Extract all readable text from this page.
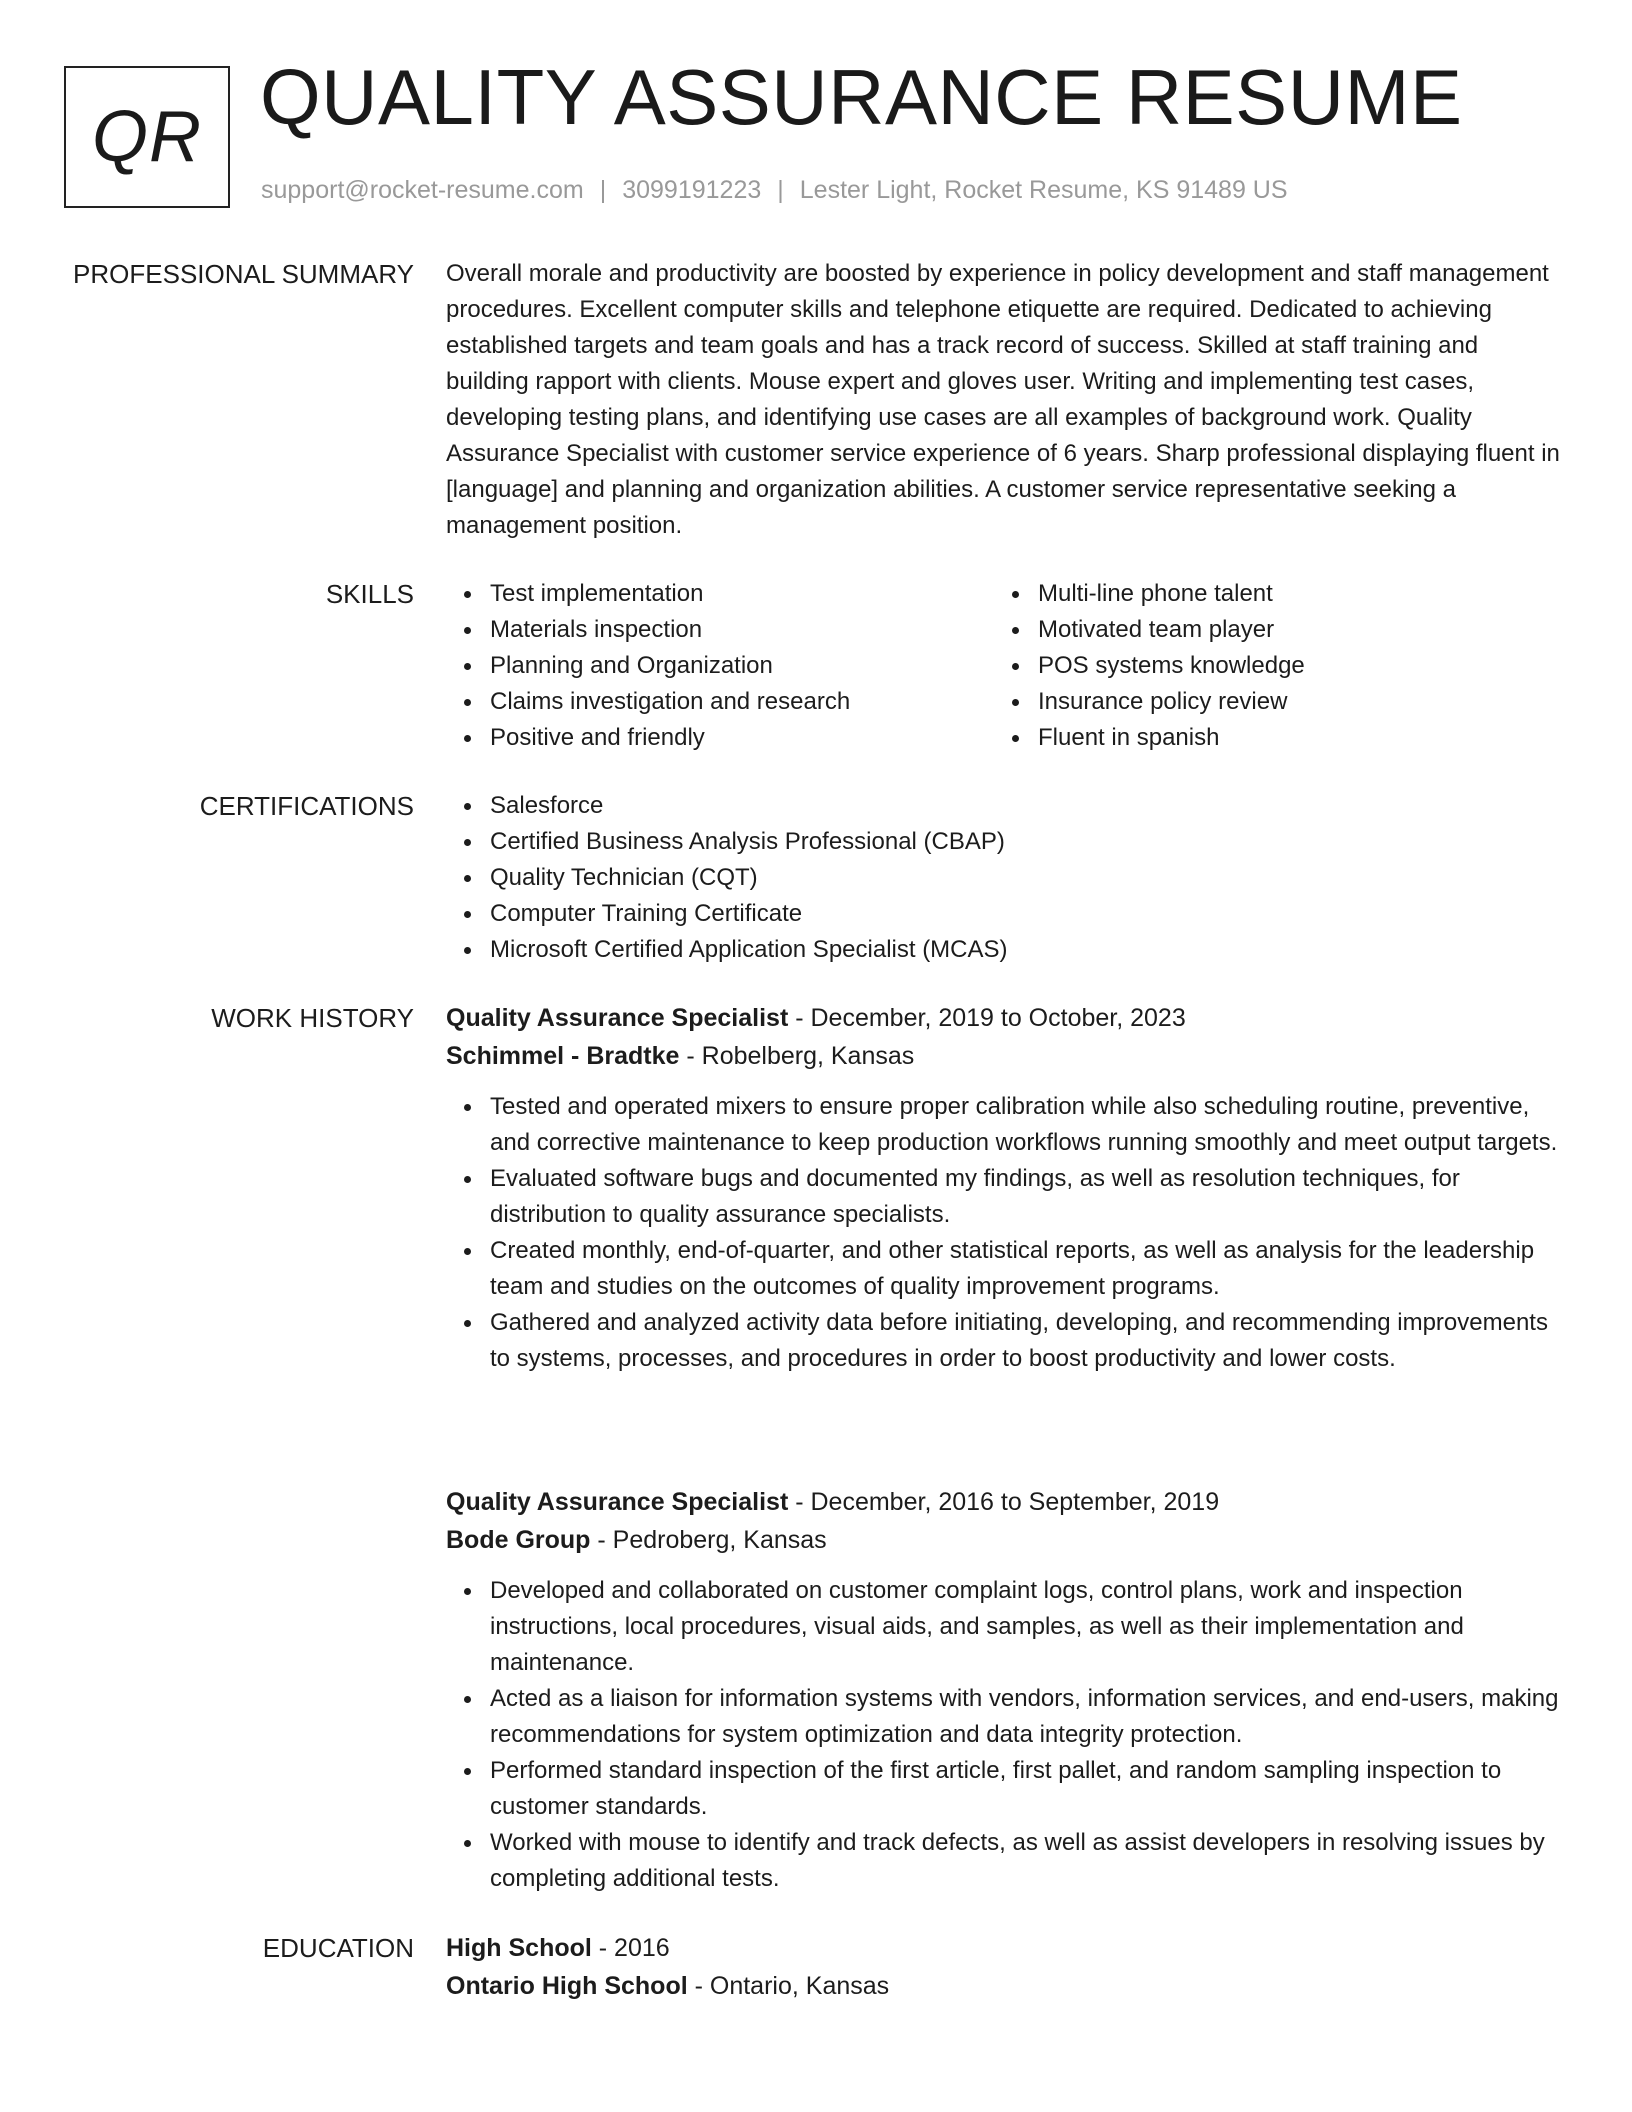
QR QUALITY ASSURANCE RESUME
support@rocket-resume.com | 3099191223 | Lester Light, Rocket Resume, KS 91489 US
PROFESSIONAL SUMMARY Overall morale and productivity are boosted by experience in policy development and staff management procedures. Excellent computer skills and telephone etiquette are required. Dedicated to achieving established targets and team goals and has a track record of success. Skilled at staff training and building rapport with clients. Mouse expert and gloves user. Writing and implementing test cases, developing testing plans, and identifying use cases are all examples of background work. Quality Assurance Specialist with customer service experience of 6 years. Sharp professional displaying fluent in [language] and planning and organization abilities. A customer service representative seeking a management position.
SKILLS	Test implementation
Materials inspection
Planning and Organization
Claims investigation and research
Positive and friendly
Multi-line phone talent
Motivated team player
POS systems knowledge
Insurance policy review
Fluent in spanish
CERTIFICATIONS	Salesforce
Certified Business Analysis Professional (CBAP)
Quality Technician (CQT)
Computer Training Certificate
Microsoft Certified Application Specialist (MCAS)
WORK HISTORY Quality Assurance Specialist - December, 2019 to October, 2023
Schimmel - Bradtke - Robelberg, Kansas
Tested and operated mixers to ensure proper calibration while also scheduling routine, preventive, and corrective maintenance to keep production workflows running smoothly and meet output targets.
Evaluated software bugs and documented my findings, as well as resolution techniques, for distribution to quality assurance specialists.
Created monthly, end-of-quarter, and other statistical reports, as well as analysis for the leadership team and studies on the outcomes of quality improvement programs.
Gathered and analyzed activity data before initiating, developing, and recommending improvements to systems, processes, and procedures in order to boost productivity and lower costs.
Quality Assurance Specialist - December, 2016 to September, 2019
Bode Group - Pedroberg, Kansas
Developed and collaborated on customer complaint logs, control plans, work and inspection instructions, local procedures, visual aids, and samples, as well as their implementation and maintenance.
Acted as a liaison for information systems with vendors, information services, and end-users, making recommendations for system optimization and data integrity protection.
Performed standard inspection of the first article, first pallet, and random sampling inspection to customer standards.
Worked with mouse to identify and track defects, as well as assist developers in resolving issues by completing additional tests.
EDUCATION High School - 2016
Ontario High School - Ontario, Kansas
